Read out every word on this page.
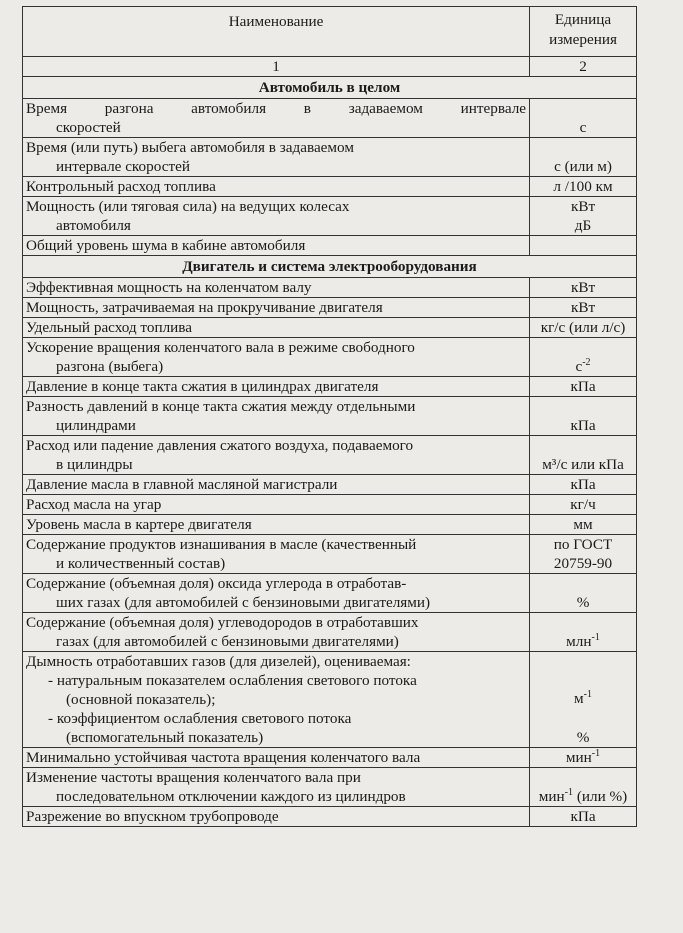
Наименование	Единица измерения
1	2
Автомобиль в целом	

Время разгона автомобиля в задаваемом интервале
скоростей	с

Время (или путь) выбега автомобиля в задаваемом
интервале скоростей	с (или м)
Контрольный расход топлива	л /100 км

Мощность (или тяговая сила) на ведущих колесах
автомобиля	кВт
дБ

Общий уровень шума в кабине автомобиля	
Двигатель и система электрооборудования	
Эффективная мощность на коленчатом валу	кВт
Мощность, затрачиваемая на прокручивание двигателя	кВт
Удельный расход топлива	кг/с (или л/с)

Ускорение вращения коленчатого вала в режиме свободного
разгона (выбега)	$с^{-2}$
Давление в конце такта сжатия в цилиндрах двигателя	кПа

Разность давлений в конце такта сжатия между отдельными
цилиндрами	кПа

Расход или падение давления сжатого воздуха, подаваемого
в цилиндры	м³/с или кПа
Давление масла в главной масляной магистрали	кПа
Расход масла на угар	кг/ч
Уровень масла в картере двигателя	мм

Содержание продуктов изнашивания в масле (качественный
и количественный состав)	по ГОСТ
20759-90

Содержание (объемная доля) оксида углерода в отработав-
ших газах (для автомобилей с бензиновыми двигателями)	%

Содержание (объемная доля) углеводородов в отработавших
газах (для автомобилей с бензиновыми двигателями)	млн$^{-1}$

Дымность отработавших газов (для дизелей), оцениваемая:
- натуральным показателем ослабления светового потока
(основной показатель);
- коэффициентом ослабления светового потока
(вспомогательный показатель)	$м^{-1}$
%

Минимально устойчивая частота вращения коленчатого вала	мин$^{-1}$

Изменение частоты вращения коленчатого вала при
последовательном отключении каждого из цилиндров	мин$^{-1}$ (или %)
Разрежение во впускном трубопроводе	кПа
